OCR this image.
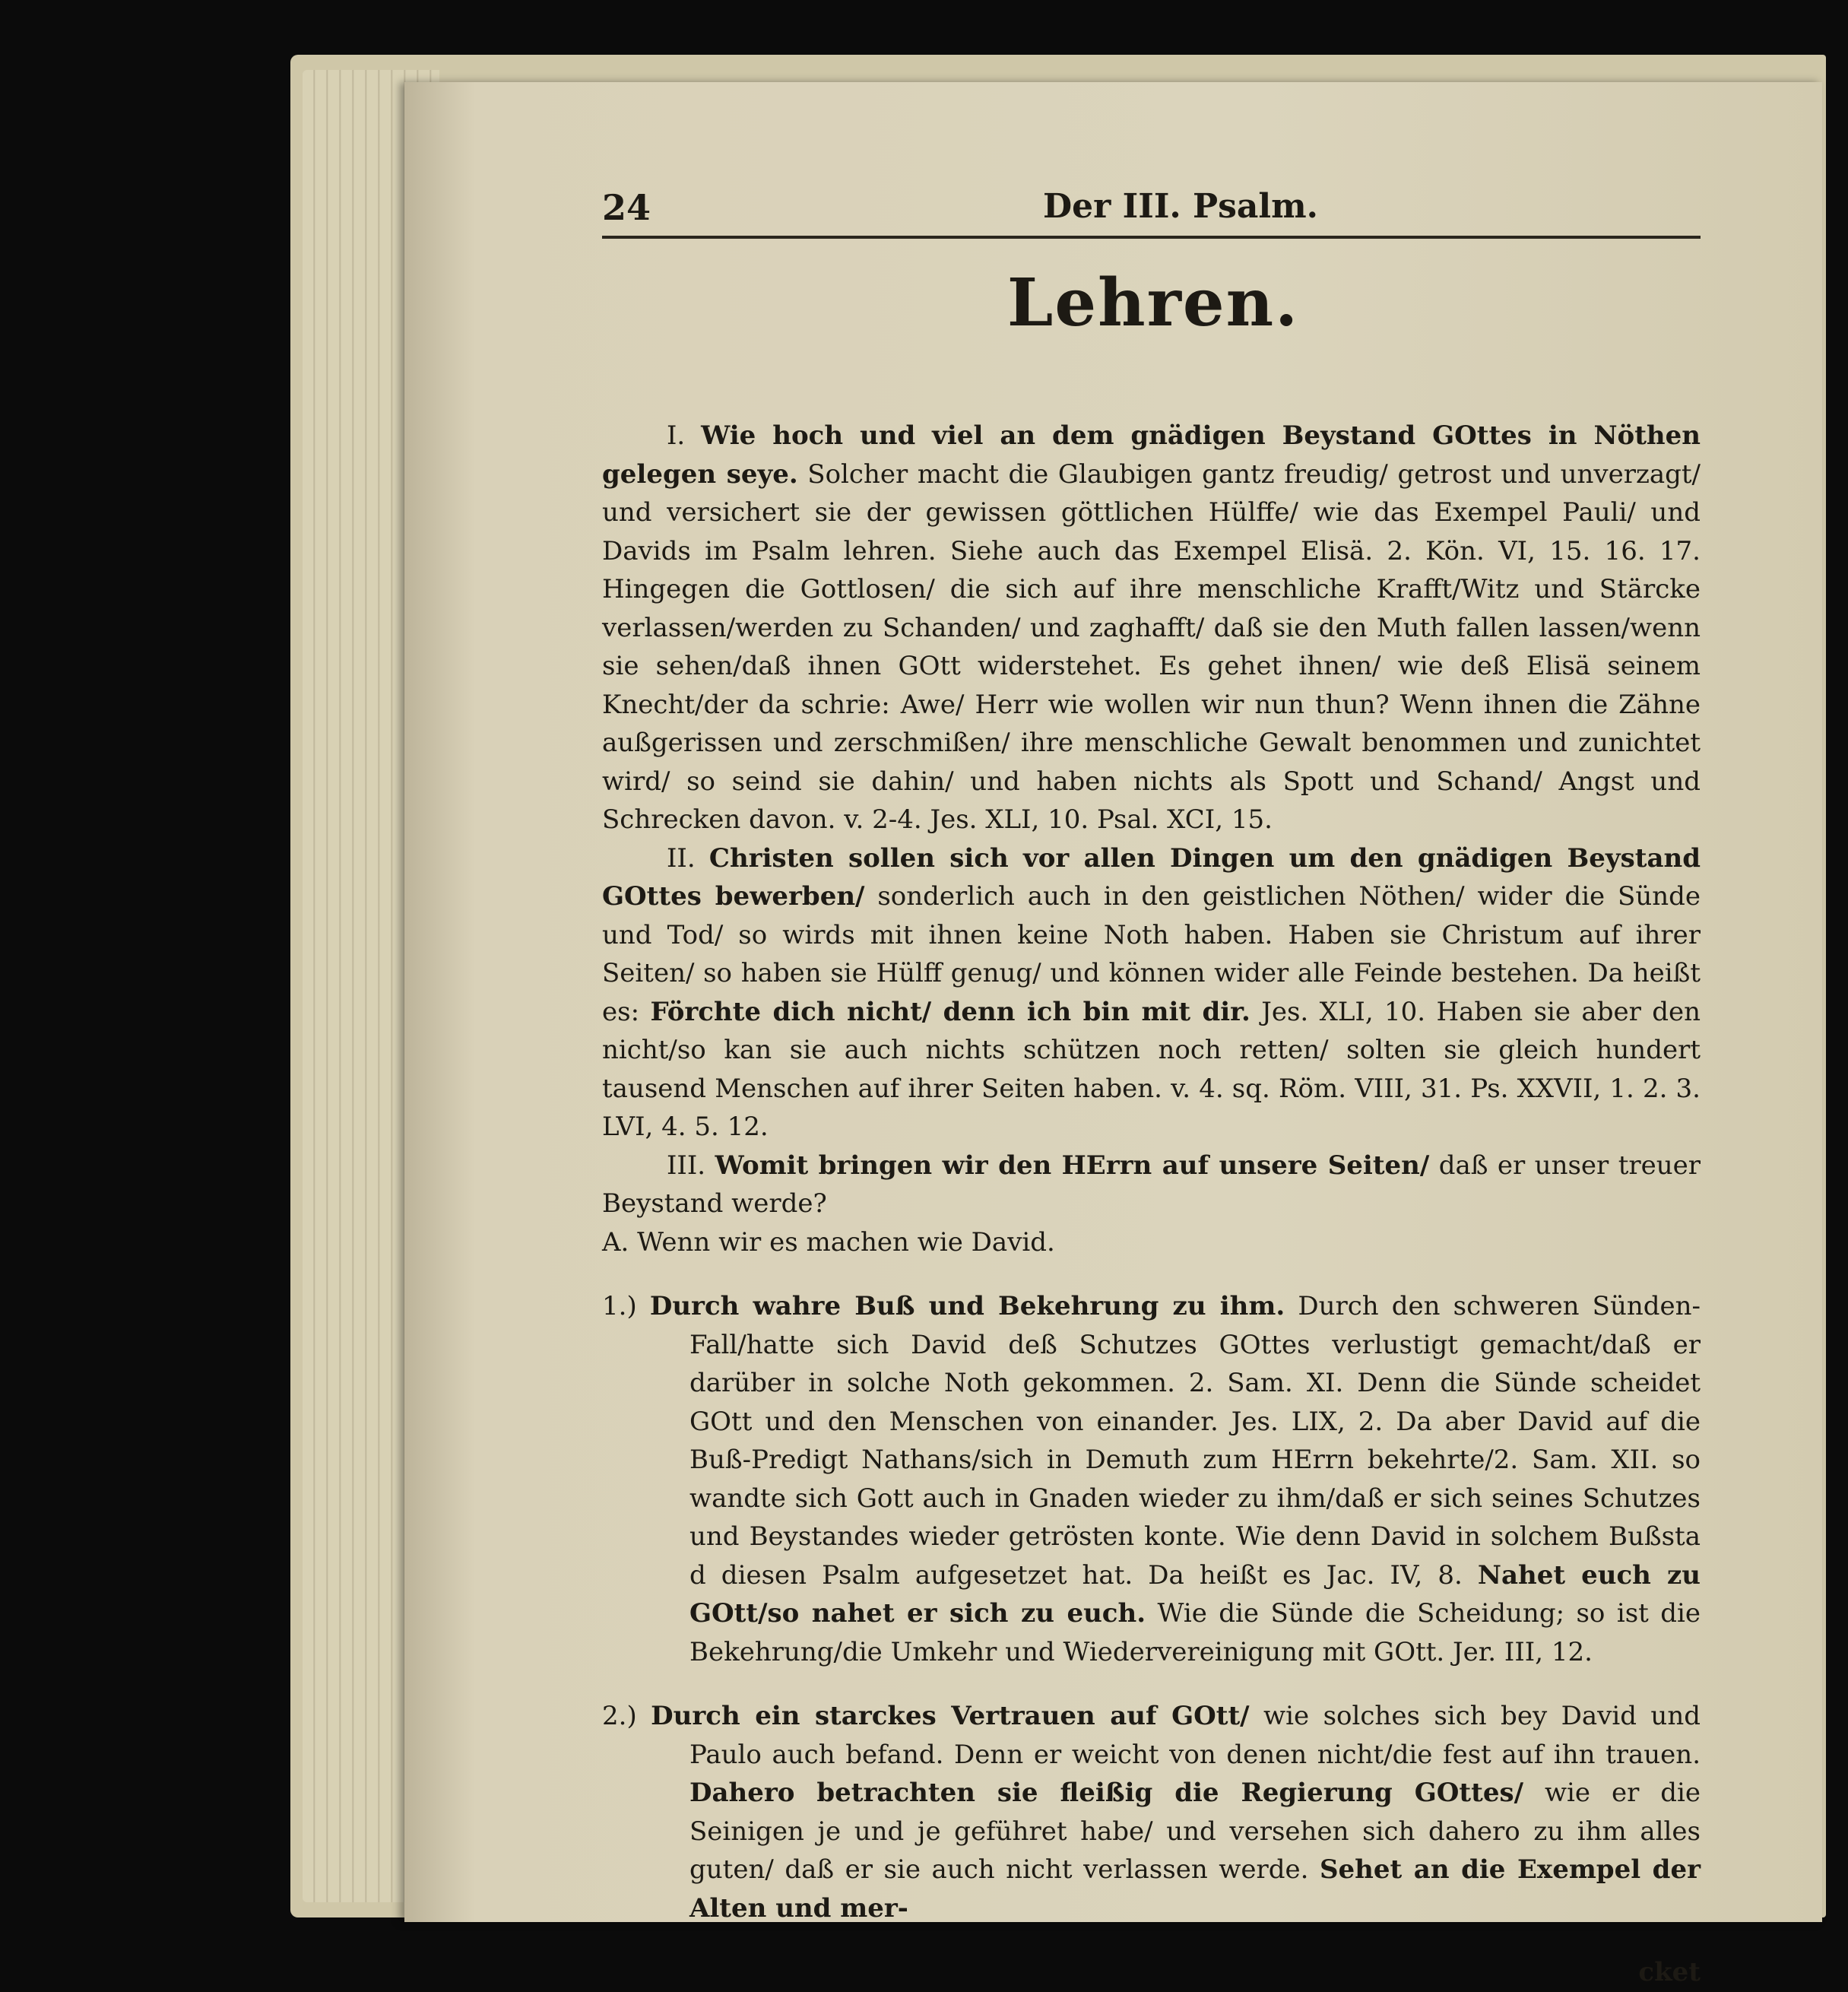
24	Der III. Psalm.
Lehren.

I. Wie hoch und viel an dem gnädigen Beystand GOttes in Nöthen gelegen seye. Solcher macht die Glaubigen gantz freudig/ getrost und unverzagt/ und versichert sie der gewissen göttlichen Hülffe/ wie das Exempel Pauli/ und Davids im Psalm lehren. Siehe auch das Exempel Elisä. 2. Kön. VI, 15. 16. 17. Hingegen die Gottlosen/ die sich auf ihre menschliche Krafft/Witz und Stärcke verlassen/werden zu Schanden/ und zaghafft/ daß sie den Muth fallen lassen/wenn sie sehen/daß ihnen GOtt widerstehet. Es gehet ihnen/ wie deß Elisä seinem Knecht/der da schrie: Awe/ Herr wie wollen wir nun thun? Wenn ihnen die Zähne außgerissen und zerschmißen/ ihre menschliche Gewalt benommen und zunichtet wird/ so seind sie dahin/ und haben nichts als Spott und Schand/ Angst und Schrecken davon. v. 2-4. Jes. XLI, 10. Psal. XCI, 15.

II. Christen sollen sich vor allen Dingen um den gnädigen Beystand GOttes bewerben/ sonderlich auch in den geistlichen Nöthen/ wider die Sünde und Tod/ so wirds mit ihnen keine Noth haben. Haben sie Christum auf ihrer Seiten/ so haben sie Hülff genug/ und können wider alle Feinde bestehen. Da heißt es: Förchte dich nicht/ denn ich bin mit dir. Jes. XLI, 10. Haben sie aber den nicht/so kan sie auch nichts schützen noch retten/ solten sie gleich hundert tausend Menschen auf ihrer Seiten haben. v. 4. sq. Röm. VIII, 31. Ps. XXVII, 1. 2. 3. LVI, 4. 5. 12.

III. Womit bringen wir den HErrn auf unsere Seiten/ daß er unser treuer Beystand werde?

A. Wenn wir es machen wie David.

1.) Durch wahre Buß und Bekehrung zu ihm. Durch den schweren Sünden-Fall/hatte sich David deß Schutzes GOttes verlustigt gemacht/daß er darüber in solche Noth gekommen. 2. Sam. XI. Denn die Sünde scheidet GOtt und den Menschen von einander. Jes. LIX, 2. Da aber David auf die Buß-Predigt Nathans/sich in Demuth zum HErrn bekehrte/2. Sam. XII. so wandte sich Gott auch in Gnaden wieder zu ihm/daß er sich seines Schutzes und Beystandes wieder getrösten konte. Wie denn David in solchem Bußsta d diesen Psalm aufgesetzet hat. Da heißt es Jac. IV, 8. Nahet euch zu GOtt/so nahet er sich zu euch. Wie die Sünde die Scheidung; so ist die Bekehrung/die Umkehr und Wiedervereinigung mit GOtt. Jer. III, 12.

2.) Durch ein starckes Vertrauen auf GOtt/ wie solches sich bey David und Paulo auch befand. Denn er weicht von denen nicht/die fest auf ihn trauen. Dahero betrachten sie fleißig die Regierung GOttes/ wie er die Seinigen je und je geführet habe/ und versehen sich dahero zu ihm alles guten/ daß er sie auch nicht verlassen werde. Sehet an die Exempel der Alten und mer-

cket
